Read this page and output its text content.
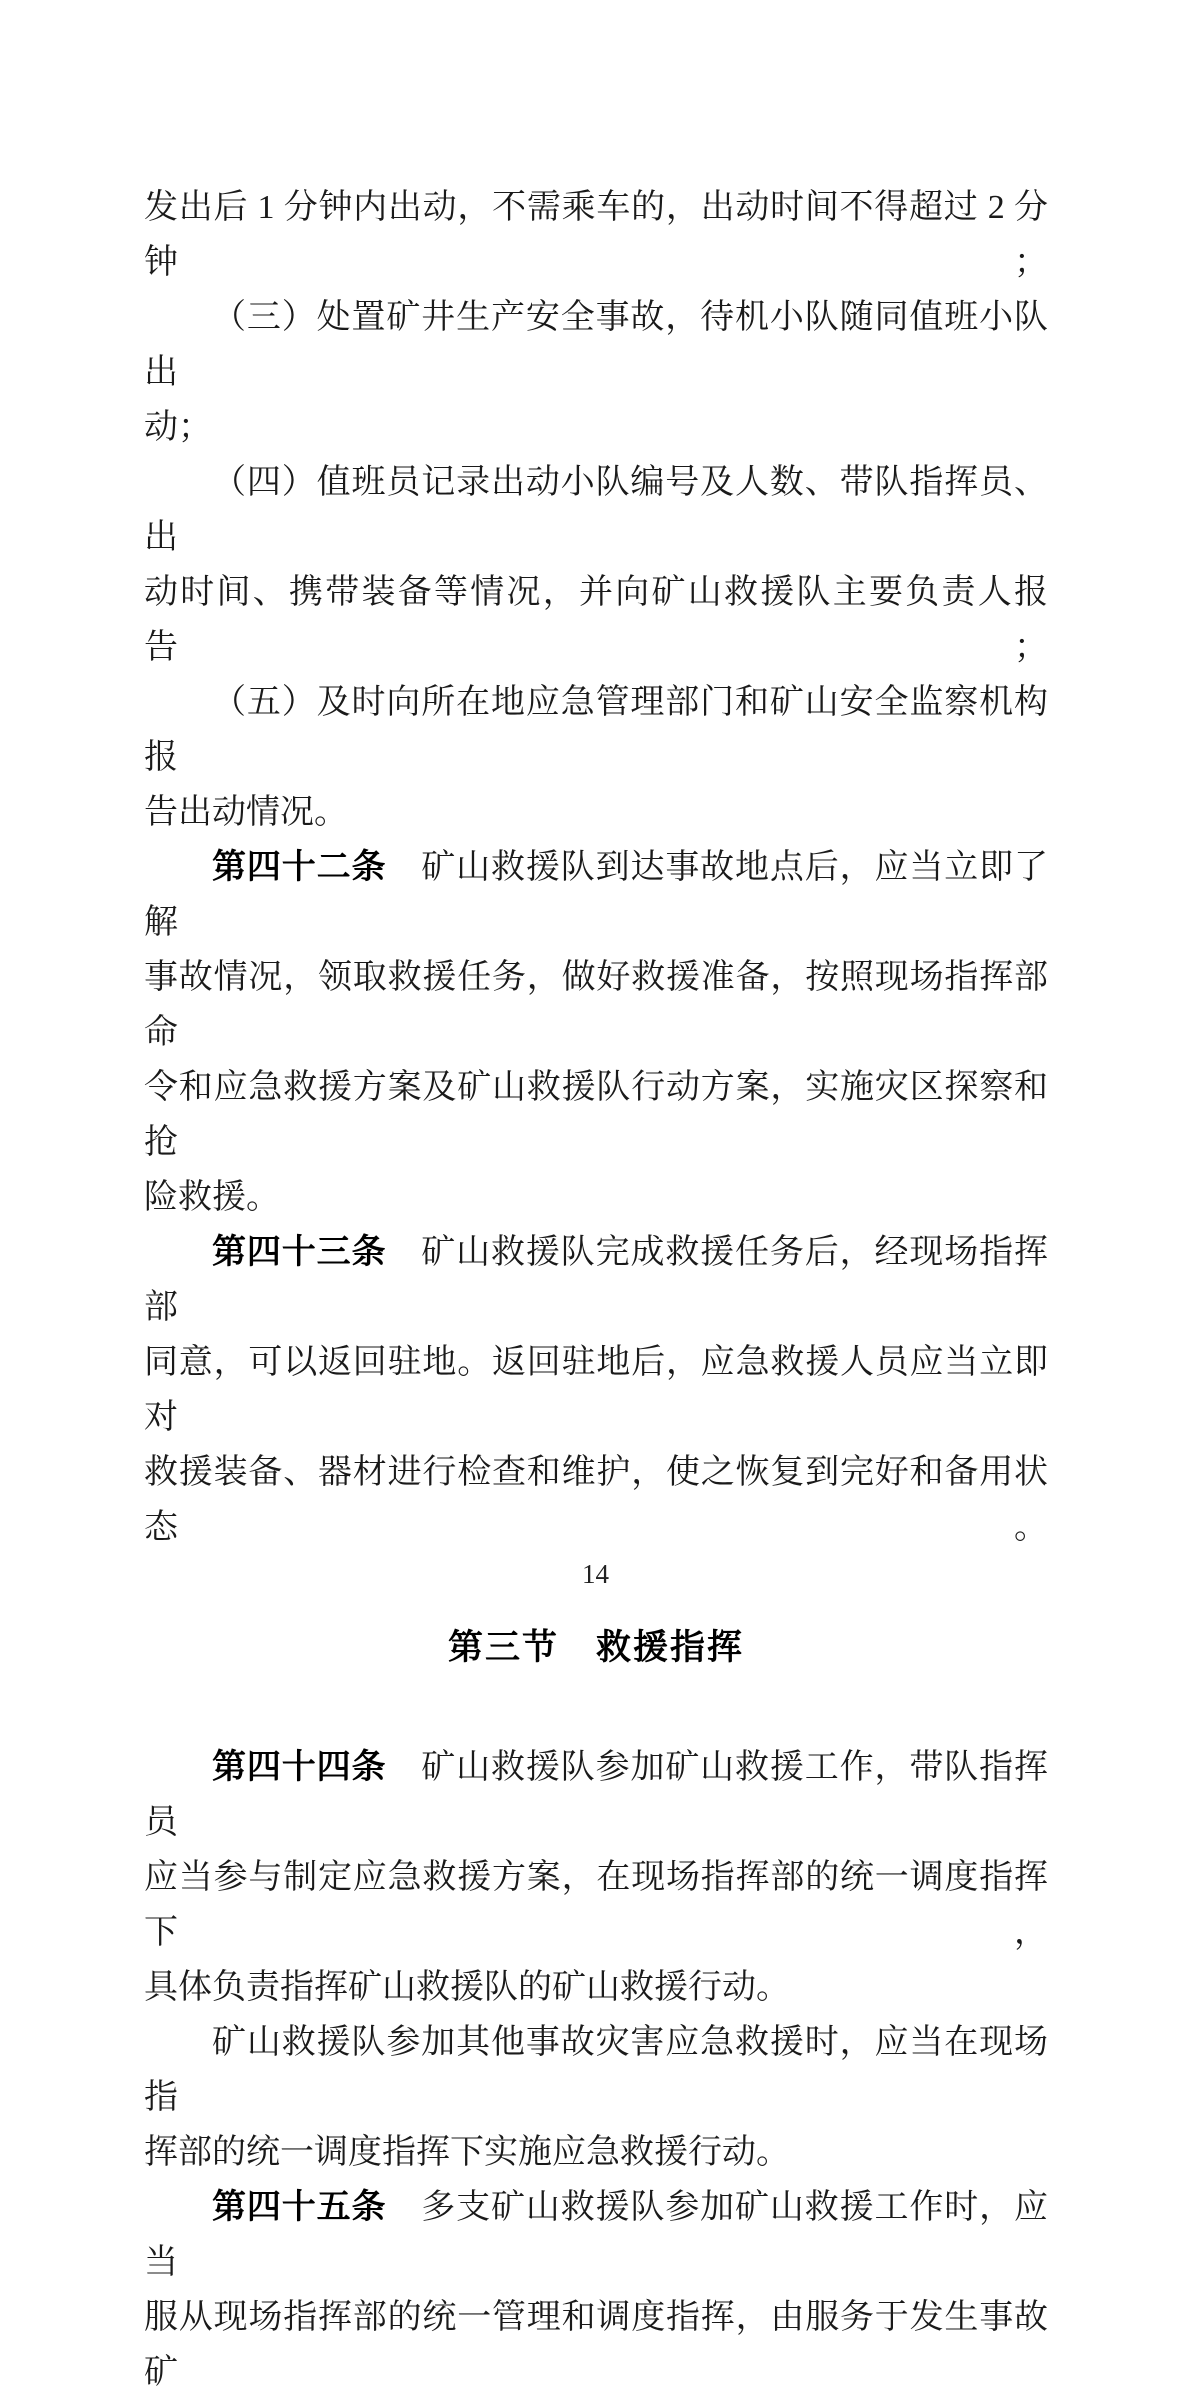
发出后 1 分钟内出动，不需乘车的，出动时间不得超过 2 分钟；
（三）处置矿井生产安全事故，待机小队随同值班小队出
动；
（四）值班员记录出动小队编号及人数、带队指挥员、出
动时间、携带装备等情况，并向矿山救援队主要负责人报告；
（五）及时向所在地应急管理部门和矿山安全监察机构报
告出动情况。
第四十二条　矿山救援队到达事故地点后，应当立即了解
事故情况，领取救援任务，做好救援准备，按照现场指挥部命
令和应急救援方案及矿山救援队行动方案，实施灾区探察和抢
险救援。
第四十三条　矿山救援队完成救援任务后，经现场指挥部
同意，可以返回驻地。返回驻地后，应急救援人员应当立即对
救援装备、器材进行检查和维护，使之恢复到完好和备用状态。
第三节　救援指挥
第四十四条　矿山救援队参加矿山救援工作，带队指挥员
应当参与制定应急救援方案，在现场指挥部的统一调度指挥下，
具体负责指挥矿山救援队的矿山救援行动。
矿山救援队参加其他事故灾害应急救援时，应当在现场指
挥部的统一调度指挥下实施应急救援行动。
第四十五条　多支矿山救援队参加矿山救援工作时，应当
服从现场指挥部的统一管理和调度指挥，由服务于发生事故矿
14
